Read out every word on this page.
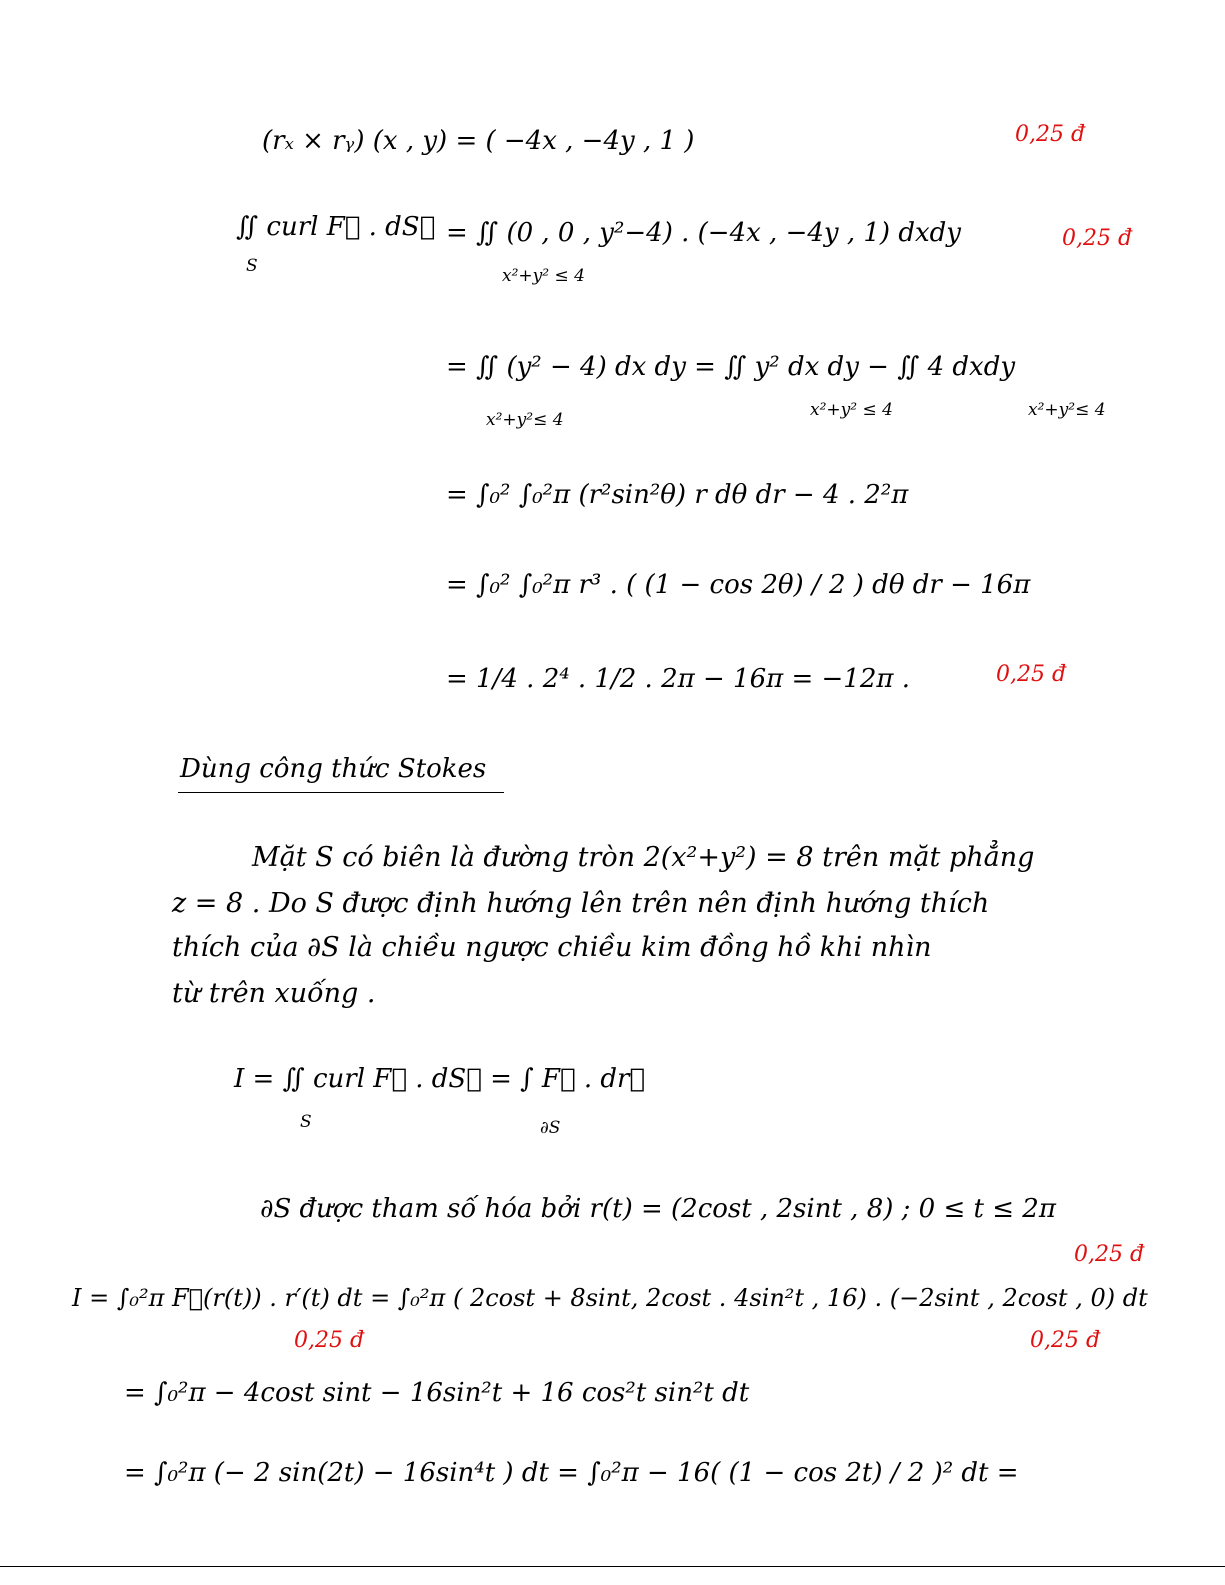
(rₓ × rᵧ) (x , y) = ( −4x , −4y , 1 )	0,25 đ
∬ curl F⃗ . dS⃗
S
= ∬ (0 , 0 , y²−4) . (−4x , −4y , 1) dxdy
x²+y² ≤ 4
0,25 đ
= ∬ (y² − 4) dx dy = ∬ y² dx dy − ∬ 4 dxdy
x²+y²≤ 4	x²+y² ≤ 4	x²+y²≤ 4
= ∫₀² ∫₀²ᴨ (r²sin²θ) r dθ dr − 4 . 2²π
= ∫₀² ∫₀²ᴨ r³ . ( (1 − cos 2θ) / 2 ) dθ dr − 16π
= 1/4 . 2⁴ . 1/2 . 2π − 16π = −12π .	0,25 đ
Dùng công thức Stokes
Mặt S có biên là đường tròn 2(x²+y²) = 8 trên mặt phẳng
z = 8 . Do S được định hướng lên trên nên định hướng thích
thích của ∂S là chiều ngược chiều kim đồng hồ khi nhìn
từ trên xuống .
I = ∬ curl F⃗ . dS⃗ = ∫ F⃗ . dr⃗
S	∂S
∂S được tham số hóa bởi r(t) = (2cost , 2sint , 8) ; 0 ≤ t ≤ 2π
0,25 đ
I = ∫₀²ᴨ F⃗(r(t)) . r′(t) dt = ∫₀²ᴨ ( 2cost + 8sint, 2cost . 4sin²t , 16) . (−2sint , 2cost , 0) dt
0,25 đ	0,25 đ
= ∫₀²ᴨ − 4cost sint − 16sin²t + 16 cos²t sin²t dt
= ∫₀²ᴨ (− 2 sin(2t) − 16sin⁴t ) dt = ∫₀²ᴨ − 16( (1 − cos 2t) / 2 )² dt =
